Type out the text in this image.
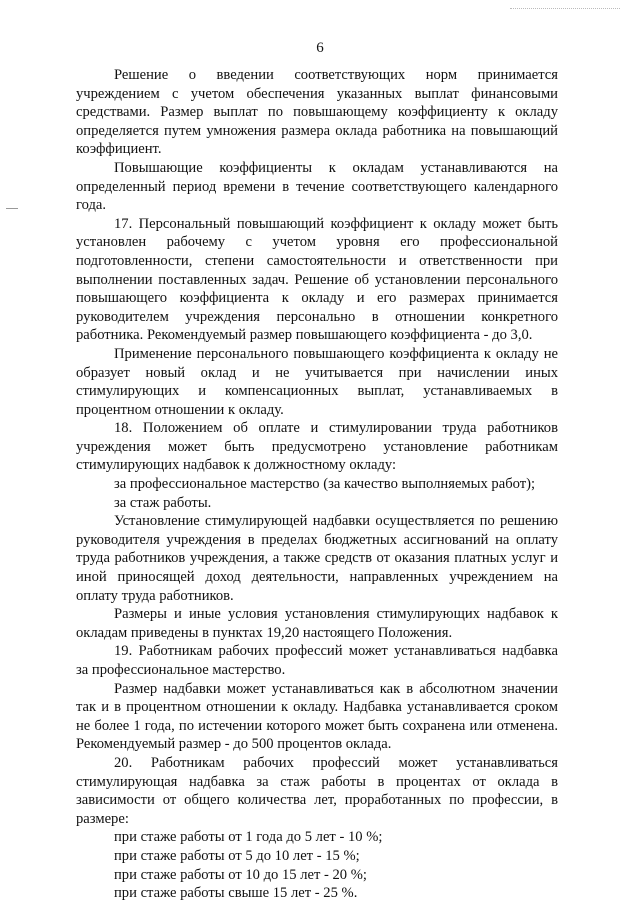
6

Решение о введении соответствующих норм принимается учреждением с учетом обеспечения указанных выплат финансовыми средствами. Размер выплат по повышающему коэффициенту к окладу определяется путем умножения размера оклада работника на повышающий коэффициент.

Повышающие коэффициенты к окладам устанавливаются на определенный период времени в течение соответствующего календарного года.

17. Персональный повышающий коэффициент к окладу может быть установлен рабочему с учетом уровня его профессиональной подготовленности, степени самостоятельности и ответственности при выполнении поставленных задач. Решение об установлении персонального повышающего коэффициента к окладу и его размерах принимается руководителем учреждения персонально в отношении конкретного работника. Рекомендуемый размер повышающего коэффициента - до 3,0.

Применение персонального повышающего коэффициента к окладу не образует новый оклад и не учитывается при начислении иных стимулирующих и компенсационных выплат, устанавливаемых в процентном отношении к окладу.

18. Положением об оплате и стимулировании труда работников учреждения может быть предусмотрено установление работникам стимулирующих надбавок к должностному окладу:

за профессиональное мастерство (за качество выполняемых работ);

за стаж работы.

Установление стимулирующей надбавки осуществляется по решению руководителя учреждения в пределах бюджетных ассигнований на оплату труда работников учреждения, а также средств от оказания платных услуг и иной приносящей доход деятельности, направленных учреждением на оплату труда работников.

Размеры и иные условия установления стимулирующих надбавок к окладам приведены в пунктах 19,20 настоящего Положения.

19. Работникам рабочих профессий может устанавливаться надбавка за профессиональное мастерство.

Размер надбавки может устанавливаться как в абсолютном значении так и в процентном отношении к окладу. Надбавка устанавливается сроком не более 1 года, по истечении которого может быть сохранена или отменена. Рекомендуемый размер - до 500 процентов оклада.

20. Работникам рабочих профессий может устанавливаться стимулирующая надбавка за стаж работы в процентах от оклада в зависимости от общего количества лет, проработанных по профессии, в размере:

при стаже работы от 1 года до 5 лет - 10 %;

при стаже работы от 5 до 10 лет - 15 %;

при стаже работы от 10 до 15 лет - 20 %;

при стаже работы свыше 15 лет - 25 %.
